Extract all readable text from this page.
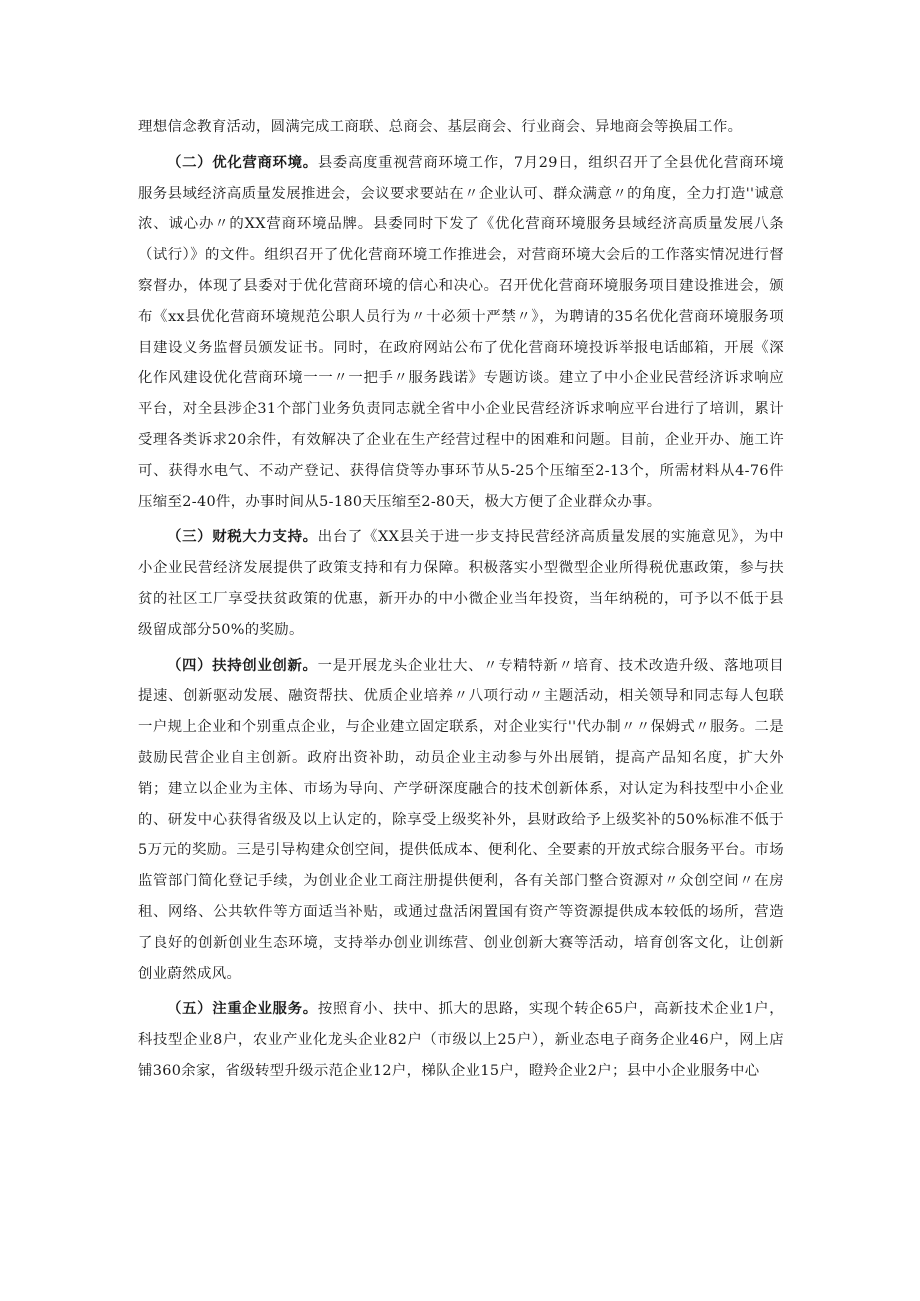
理想信念教育活动，圆满完成工商联、总商会、基层商会、行业商会、异地商会等换届工作。

（二）优化营商环境。县委高度重视营商环境工作，7月29日，组织召开了全县优化营商环境服务县域经济高质量发展推进会，会议要求要站在〃企业认可、群众满意〃的角度，全力打造''诚意浓、诚心办〃的XX营商环境品牌。县委同时下发了《优化营商环境服务县域经济高质量发展八条（试行）》的文件。组织召开了优化营商环境工作推进会，对营商环境大会后的工作落实情况进行督察督办，体现了县委对于优化营商环境的信心和决心。召开优化营商环境服务项目建设推进会，颁布《xx县优化营商环境规范公职人员行为〃十必须十严禁〃》，为聘请的35名优化营商环境服务项目建设义务监督员颁发证书。同时，在政府网站公布了优化营商环境投诉举报电话邮箱，开展《深化作风建设优化营商环境一一〃一把手〃服务践诺》专题访谈。建立了中小企业民营经济诉求响应平台，对全县涉企31个部门业务负责同志就全省中小企业民营经济诉求响应平台进行了培训，累计受理各类诉求20余件，有效解决了企业在生产经营过程中的困难和问题。目前，企业开办、施工许可、获得水电气、不动产登记、获得信贷等办事环节从5-25个压缩至2-13个，所需材料从4-76件压缩至2-40件，办事时间从5-180天压缩至2-80天，极大方便了企业群众办事。

（三）财税大力支持。出台了《XX县关于进一步支持民营经济高质量发展的实施意见》，为中小企业民营经济发展提供了政策支持和有力保障。积极落实小型微型企业所得税优惠政策，参与扶贫的社区工厂享受扶贫政策的优惠，新开办的中小微企业当年投资，当年纳税的，可予以不低于县级留成部分50%的奖励。

（四）扶持创业创新。一是开展龙头企业壮大、〃专精特新〃培育、技术改造升级、落地项目提速、创新驱动发展、融资帮扶、优质企业培养〃八项行动〃主题活动，相关领导和同志每人包联一户规上企业和个别重点企业，与企业建立固定联系，对企业实行''代办制〃〃保姆式〃服务。二是鼓励民营企业自主创新。政府出资补助，动员企业主动参与外出展销，提高产品知名度，扩大外销；建立以企业为主体、市场为导向、产学研深度融合的技术创新体系，对认定为科技型中小企业的、研发中心获得省级及以上认定的，除享受上级奖补外，县财政给予上级奖补的50%标准不低于5万元的奖励。三是引导构建众创空间，提供低成本、便利化、全要素的开放式综合服务平台。市场监管部门简化登记手续，为创业企业工商注册提供便利，各有关部门整合资源对〃众创空间〃在房租、网络、公共软件等方面适当补贴，或通过盘活闲置国有资产等资源提供成本较低的场所，营造了良好的创新创业生态环境，支持举办创业训练营、创业创新大赛等活动，培育创客文化，让创新创业蔚然成风。

（五）注重企业服务。按照育小、扶中、抓大的思路，实现个转企65户，高新技术企业1户，科技型企业8户，农业产业化龙头企业82户（市级以上25户），新业态电子商务企业46户，网上店铺360余家，省级转型升级示范企业12户，梯队企业15户，瞪羚企业2户；县中小企业服务中心
